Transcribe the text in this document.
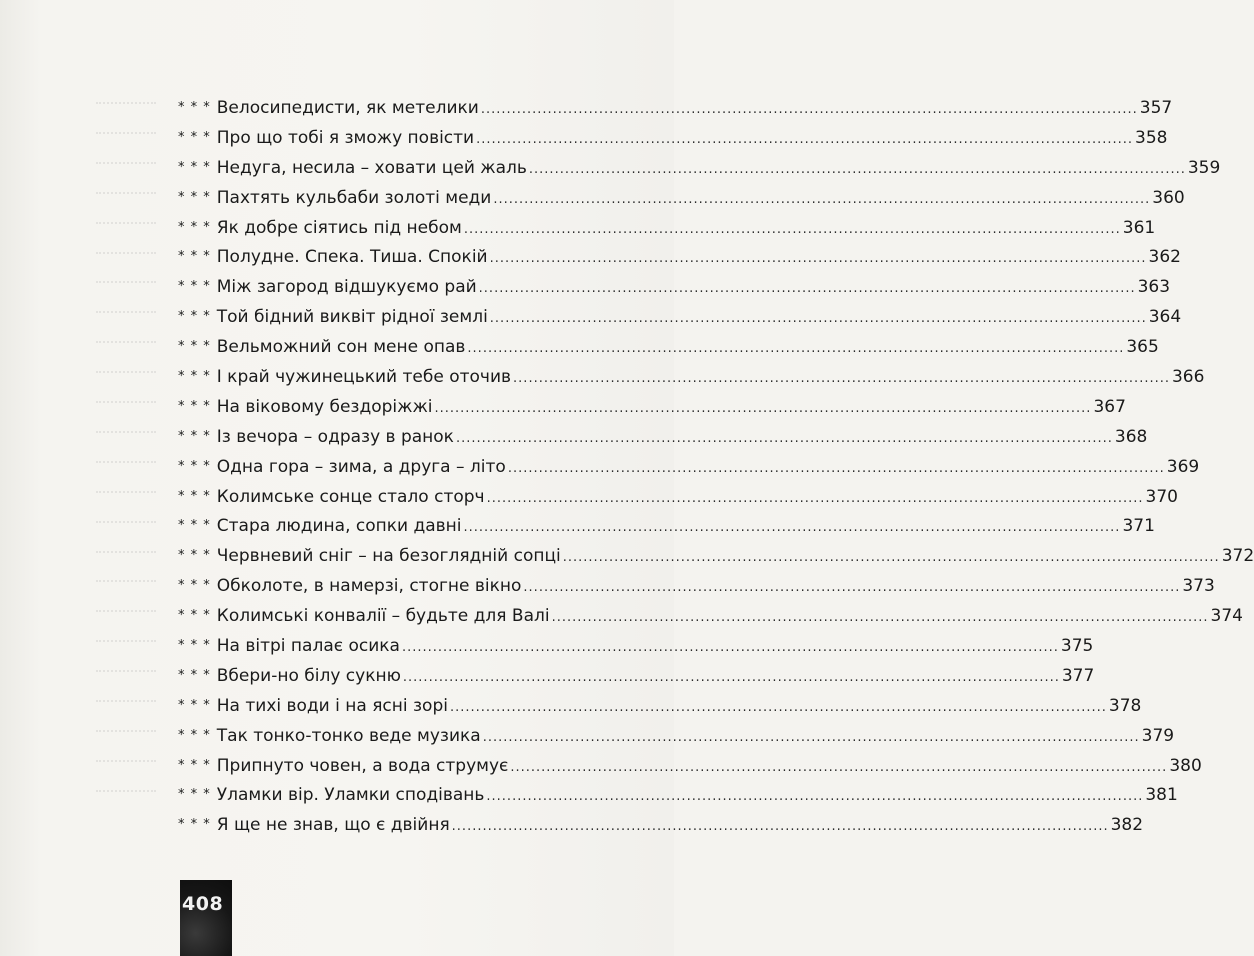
* * * Велосипедисти, як метелики .....	357
* * * Про що тобі я зможу повісти .....	358
* * * Недуга, несила – ховати цей жаль .....	359
* * * Пахтять кульбаби золоті меди .....	360
* * * Як добре сіятись під небом .....	361
* * * Полудне. Спека. Тиша. Спокій .....	362
* * * Між загород відшукуємо рай .....	363
* * * Той бідний виквіт рідної землі .....	364
* * * Вельможний сон мене опав .....	365
* * * І край чужинецький тебе оточив .....	366
* * * На віковому бездоріжжі .....	367
* * * Із вечора – одразу в ранок .....	368
* * * Одна гора – зима, а друга – літо .....	369
* * * Колимське сонце стало сторч .....	370
* * * Стара людина, сопки давні .....	371
* * * Червневий сніг – на безоглядній сопці .....	372
* * * Обколоте, в намерзі, стогне вікно .....	373
* * * Колимські конвалії – будьте для Валі .....	374
* * * На вітрі палає осика .....	375
* * * Вбери-но білу сукню .....	377
* * * На тихі води і на ясні зорі .....	378
* * * Так тонко-тонко веде музика .....	379
* * * Припнуто човен, а вода струмує .....	380
* * * Уламки вір. Уламки сподівань .....	381
* * * Я ще не знав, що є двійня .....	382
408
